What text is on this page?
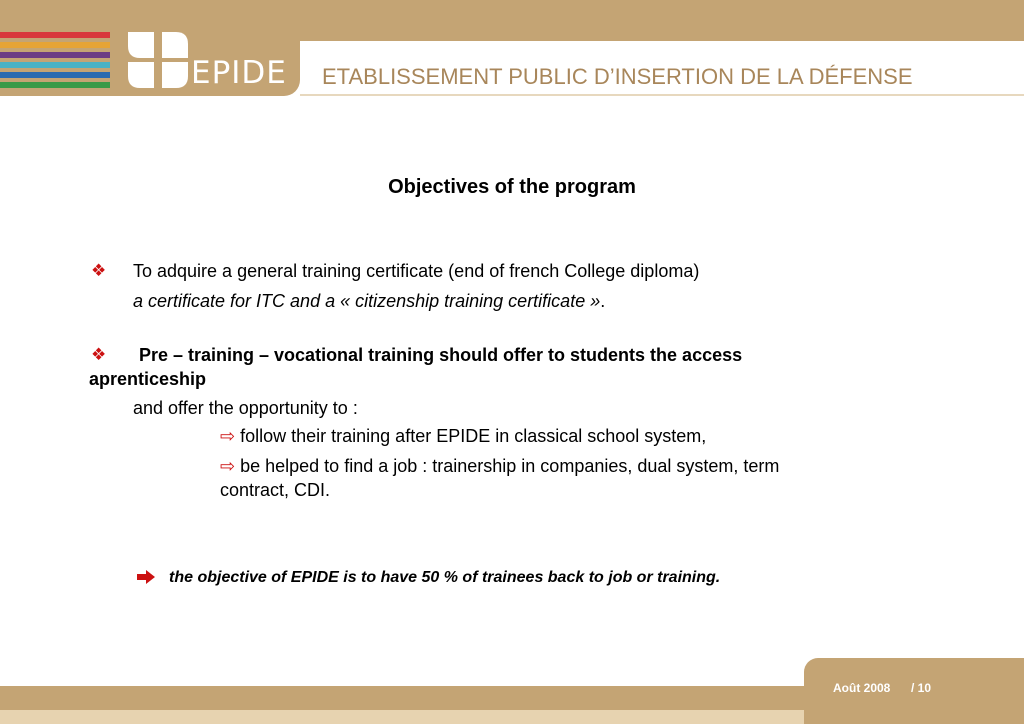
EPIDE ETABLISSEMENT PUBLIC D’INSERTION DE LA DÉFENSE
Objectives of the program
❖ To adquire a general training certificate (end of french College diploma)
a certificate for ITC and a « citizenship training certificate ».
❖ Pre – training – vocational training should offer to students the access
aprenticeship
and offer the opportunity to :
⇨ follow their training after EPIDE in classical school system,
⇨ be helped to find a job : trainership in companies, dual system, term
contract, CDI.
the objective of EPIDE is to have 50 % of trainees back to job or training.
Août 2008 / 10
